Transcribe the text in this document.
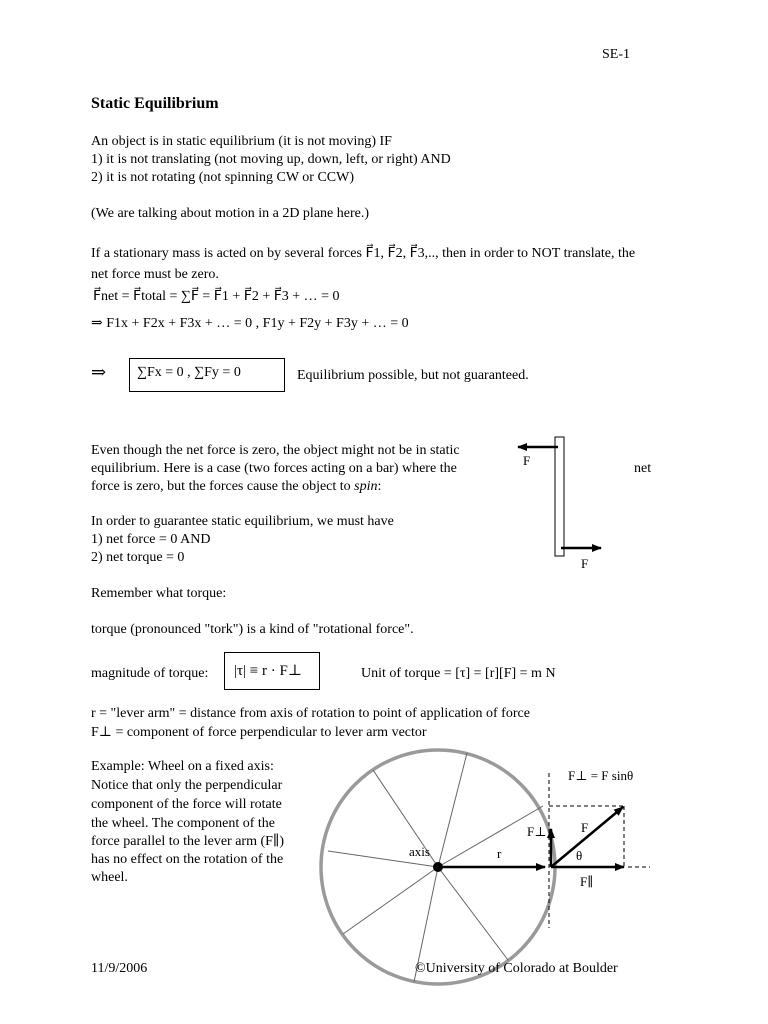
SE-1
Static Equilibrium
An object is in static equilibrium (it is not moving) IF
1) it is not translating (not moving up, down, left, or right) AND
2) it is not rotating (not spinning CW or CCW)
(We are talking about motion in a 2D plane here.)
If a stationary mass is acted on by several forces F⃗1, F⃗2, F⃗3,.., then in order to NOT translate, the
net force must be zero.
F⃗net = F⃗total = ∑F⃗ = F⃗1 + F⃗2 + F⃗3 + … = 0
⇒ F1x + F2x + F3x + … = 0 , F1y + F2y + F3y + … = 0
⇒ ∑Fx = 0 , ∑Fy = 0	Equilibrium possible, but not guaranteed.
Even though the net force is zero, the object might not be in static
equilibrium. Here is a case (two forces acting on a bar) where the	net
force is zero, but the forces cause the object to spin:
In order to guarantee static equilibrium, we must have
1) net force = 0 AND
2) net torque = 0
Remember what torque:
torque (pronounced "tork") is a kind of "rotational force".
magnitude of torque: |τ| ≡ r · F⊥	Unit of torque = [τ] = [r][F] = m N
r = "lever arm" = distance from axis of rotation to point of application of force
F⊥ = component of force perpendicular to lever arm vector
Example: Wheel on a fixed axis:
Notice that only the perpendicular
component of the force will rotate
the wheel. The component of the
force parallel to the lever arm (F∥)
has no effect on the rotation of the
wheel.
F
F
F⊥ = F sinθ
axis	r
F⊥	F
θ
F∥
11/9/2006	©University of Colorado at Boulder
